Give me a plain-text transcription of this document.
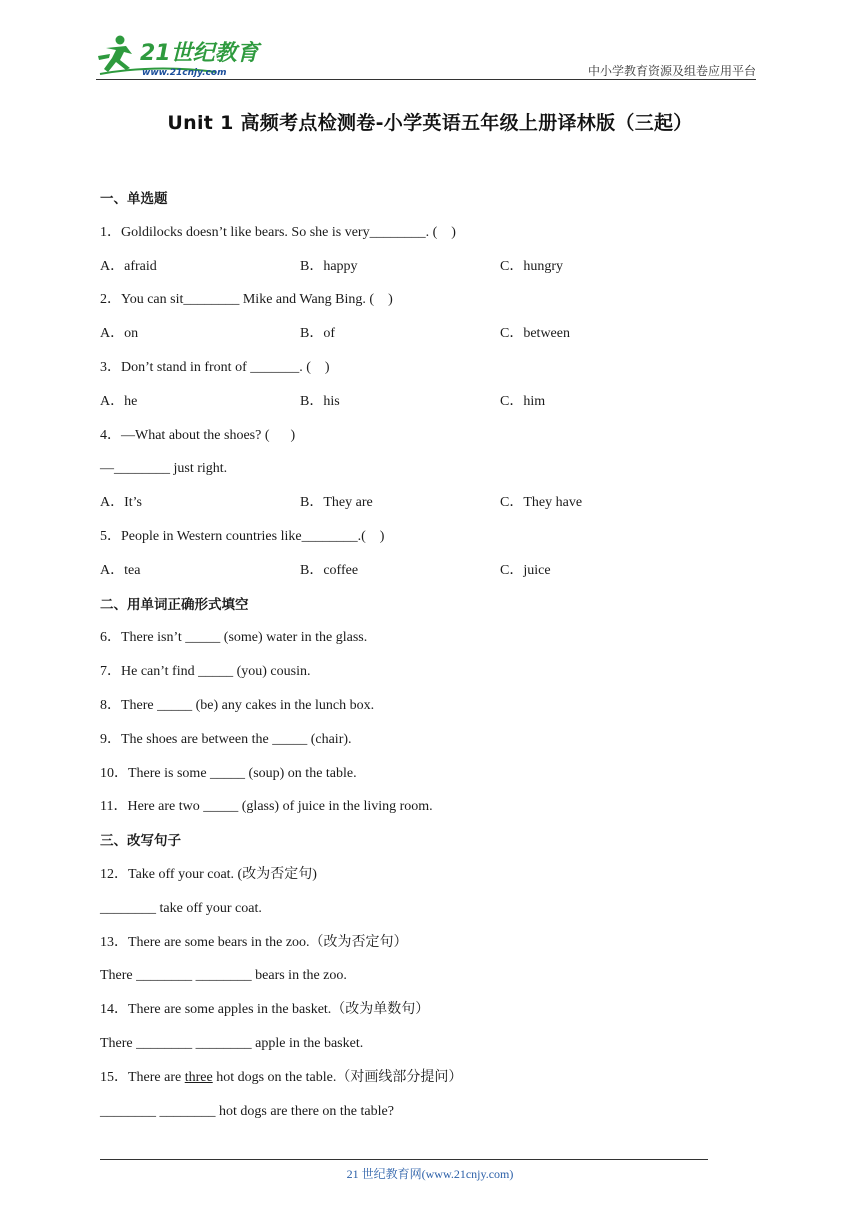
21世纪教育
www.21cnjy.com	中小学教育资源及组卷应用平台
Unit 1 高频考点检测卷-小学英语五年级上册译林版（三起）
一、单选题
1．Goldilocks doesn’t like bears. So she is very________. (    )
A．afraid	B．happy	C．hungry
2．You can sit________ Mike and Wang Bing. (    )
A．on	B．of	C．between
3．Don’t stand in front of _______. (    )
A．he	B．his	C．him
4．—What about the shoes? (      )
—________ just right.
A．It’s	B．They are	C．They have
5．People in Western countries like________.(    )
A．tea	B．coffee	C．juice
二、用单词正确形式填空
6．There isn’t _____ (some) water in the glass.
7．He can’t find _____ (you) cousin.
8．There _____ (be) any cakes in the lunch box.
9．The shoes are between the _____ (chair).
10．There is some _____ (soup) on the table.
11．Here are two _____ (glass) of juice in the living room.
三、改写句子
12．Take off your coat. (改为否定句)
________ take off your coat.
13．There are some bears in the zoo.（改为否定句）
There ________ ________ bears in the zoo.
14．There are some apples in the basket.（改为单数句）
There ________ ________ apple in the basket.
15．There are three hot dogs on the table.（对画线部分提问）
________ ________ hot dogs are there on the table?
21 世纪教育网(www.21cnjy.com)
